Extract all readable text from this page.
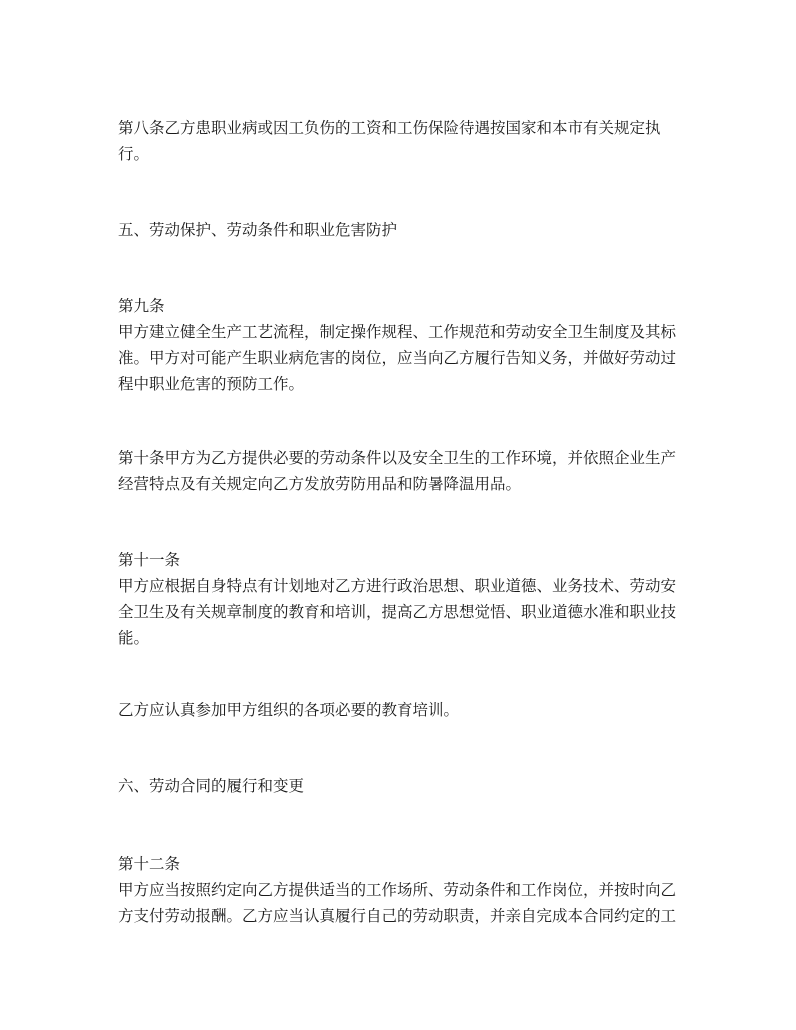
第八条乙方患职业病或因工负伤的工资和工伤保险待遇按国家和本市有关规定执
行。

五、劳动保护、劳动条件和职业危害防护

第九条
甲方建立健全生产工艺流程，制定操作规程、工作规范和劳动安全卫生制度及其标
准。甲方对可能产生职业病危害的岗位，应当向乙方履行告知义务，并做好劳动过
程中职业危害的预防工作。

第十条甲方为乙方提供必要的劳动条件以及安全卫生的工作环境，并依照企业生产
经营特点及有关规定向乙方发放劳防用品和防暑降温用品。

第十一条
甲方应根据自身特点有计划地对乙方进行政治思想、职业道德、业务技术、劳动安
全卫生及有关规章制度的教育和培训，提高乙方思想觉悟、职业道德水准和职业技
能。

乙方应认真参加甲方组织的各项必要的教育培训。

六、劳动合同的履行和变更

第十二条
甲方应当按照约定向乙方提供适当的工作场所、劳动条件和工作岗位，并按时向乙
方支付劳动报酬。乙方应当认真履行自己的劳动职责，并亲自完成本合同约定的工
